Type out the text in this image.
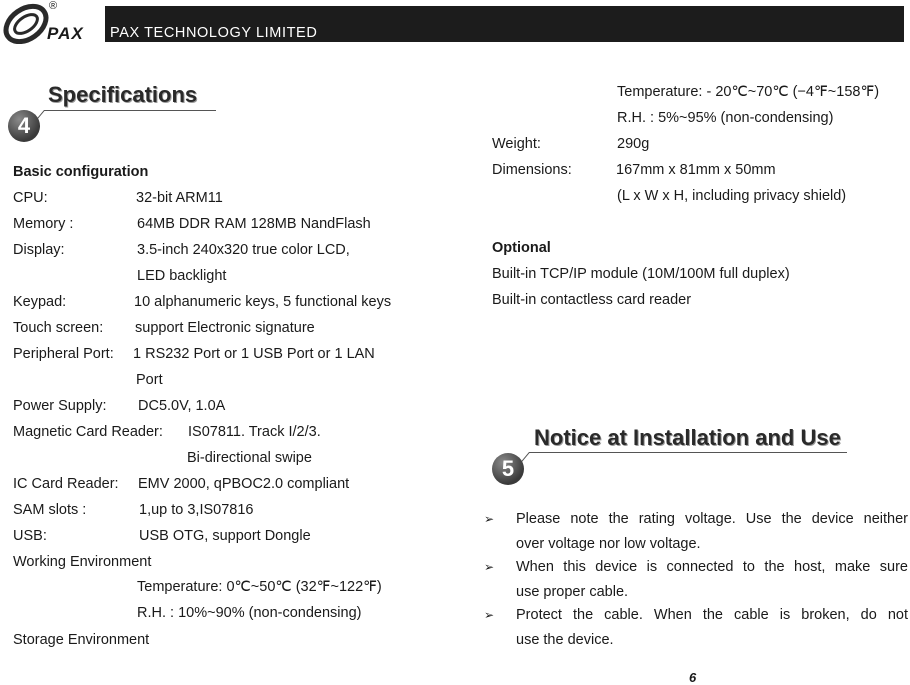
®
PAX PAX TECHNOLOGY LIMITED
Specifications
4
Basic configuration
CPU:	32-bit ARM11
Memory :	64MB DDR RAM 128MB NandFlash
Display:	3.5-inch 240x320 true color LCD,
LED backlight
Keypad:	10 alphanumeric keys, 5 functional keys
Touch screen: support Electronic signature
Peripheral Port: 1 RS232 Port or 1 USB Port or 1 LAN
Port
Power Supply: DC5.0V, 1.0A
Magnetic Card Reader: IS07811. Track I/2/3.
Bi-directional swipe
IC Card Reader: EMV 2000, qPBOC2.0 compliant
SAM slots :	1,up to 3,IS07816
USB:	USB OTG, support Dongle
Working Environment
Temperature: 0℃~50℃ (32℉~122℉)
R.H. : 10%~90% (non-condensing)
Storage Environment
Temperature: - 20℃~70℃ (−4℉~158℉)
R.H. : 5%~95% (non-condensing)
Weight:	290g
Dimensions:	167mm x 81mm x 50mm
(L x W x H, including privacy shield)
Optional
Built-in TCP/IP module (10M/100M full duplex)
Built-in contactless card reader
Notice at Installation and Use
5
➢ Please note the rating voltage. Use the device neither
over voltage nor low voltage.
➢ When this device is connected to the host, make sure
use proper cable.
➢ Protect the cable. When the cable is broken, do not
use the device.
6
